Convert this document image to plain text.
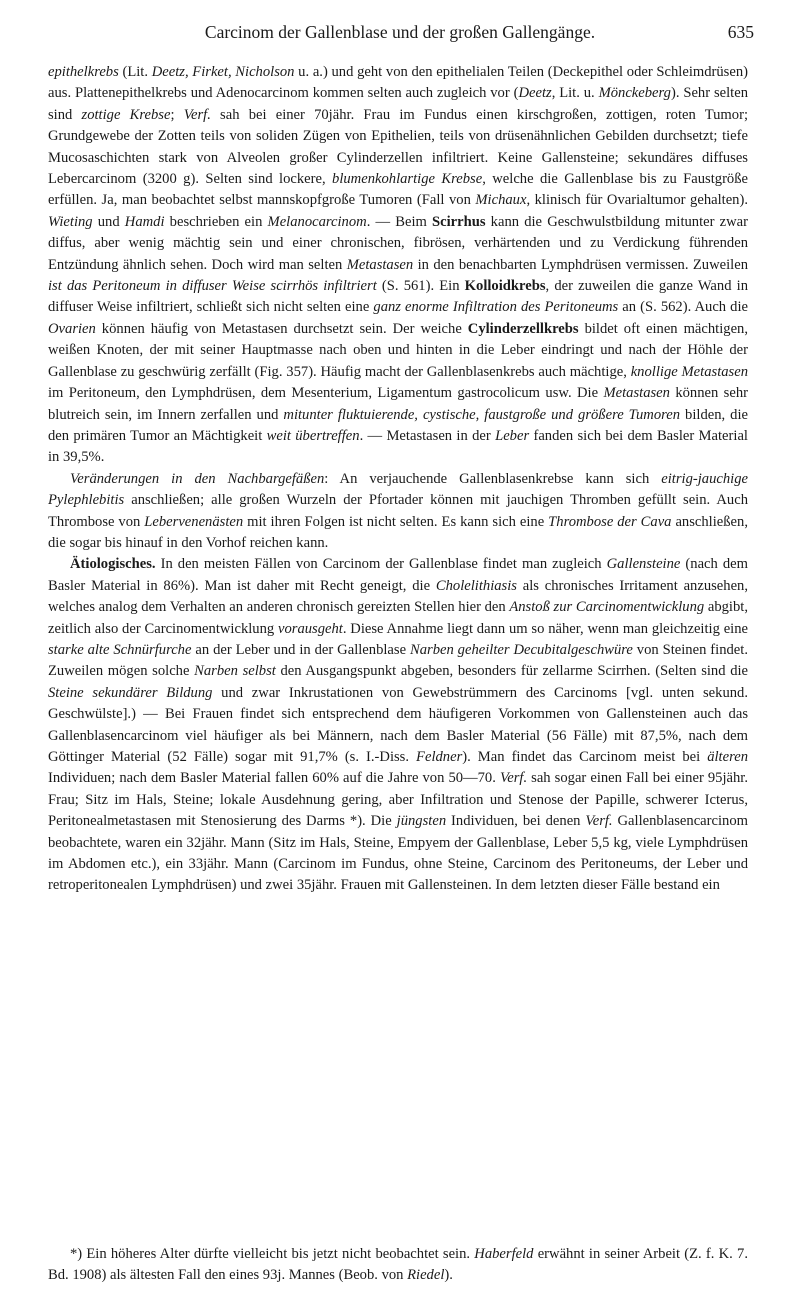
Carcinom der Gallenblase und der großen Gallengänge.	635

epithelkrebs (Lit. Deetz, Firket, Nicholson u. a.) und geht von den epithelialen Teilen (Deckepithel oder Schleimdrüsen) aus. Plattenepithelkrebs und Adenocarcinom kommen selten auch zugleich vor (Deetz, Lit. u. Mönckeberg). Sehr selten sind zottige Krebse; Verf. sah bei einer 70jähr. Frau im Fundus einen kirschgroßen, zottigen, roten Tumor; Grundgewebe der Zotten teils von soliden Zügen von Epithelien, teils von drüsenähnlichen Gebilden durchsetzt; tiefe Mucosaschichten stark von Alveolen großer Cylinderzellen infiltriert. Keine Gallensteine; sekundäres diffuses Lebercarcinom (3200 g). Selten sind lockere, blumenkohlartige Krebse, welche die Gallenblase bis zu Faustgröße erfüllen. Ja, man beobachtet selbst mannskopfgroße Tumoren (Fall von Michaux, klinisch für Ovarialtumor gehalten). Wieting und Hamdi beschrieben ein Melanocarcinom. — Beim Scirrhus kann die Geschwulstbildung mitunter zwar diffus, aber wenig mächtig sein und einer chronischen, fibrösen, verhärtenden und zu Verdickung führenden Entzündung ähnlich sehen. Doch wird man selten Metastasen in den benachbarten Lymphdrüsen vermissen. Zuweilen ist das Peritoneum in diffuser Weise scirrhös infiltriert (S. 561). Ein Kolloidkrebs, der zuweilen die ganze Wand in diffuser Weise infiltriert, schließt sich nicht selten eine ganz enorme Infiltration des Peritoneums an (S. 562). Auch die Ovarien können häufig von Metastasen durchsetzt sein. Der weiche Cylinderzellkrebs bildet oft einen mächtigen, weißen Knoten, der mit seiner Hauptmasse nach oben und hinten in die Leber eindringt und nach der Höhle der Gallenblase zu geschwürig zerfällt (Fig. 357). Häufig macht der Gallenblasenkrebs auch mächtige, knollige Metastasen im Peritoneum, den Lymphdrüsen, dem Mesenterium, Ligamentum gastrocolicum usw. Die Metastasen können sehr blutreich sein, im Innern zerfallen und mitunter fluktuierende, cystische, faustgroße und größere Tumoren bilden, die den primären Tumor an Mächtigkeit weit übertreffen. — Metastasen in der Leber fanden sich bei dem Basler Material in 39,5%.

Veränderungen in den Nachbargefäßen: An verjauchende Gallenblasenkrebse kann sich eitrig-jauchige Pylephlebitis anschließen; alle großen Wurzeln der Pfortader können mit jauchigen Thromben gefüllt sein. Auch Thrombose von Lebervenenästen mit ihren Folgen ist nicht selten. Es kann sich eine Thrombose der Cava anschließen, die sogar bis hinauf in den Vorhof reichen kann.

Ätiologisches. In den meisten Fällen von Carcinom der Gallenblase findet man zugleich Gallensteine (nach dem Basler Material in 86%). Man ist daher mit Recht geneigt, die Cholelithiasis als chronisches Irritament anzusehen, welches analog dem Verhalten an anderen chronisch gereizten Stellen hier den Anstoß zur Carcinomentwicklung abgibt, zeitlich also der Carcinomentwicklung vorausgeht. Diese Annahme liegt dann um so näher, wenn man gleichzeitig eine starke alte Schnürfurche an der Leber und in der Gallenblase Narben geheilter Decubitalgeschwüre von Steinen findet. Zuweilen mögen solche Narben selbst den Ausgangspunkt abgeben, besonders für zellarme Scirrhen. (Selten sind die Steine sekundärer Bildung und zwar Inkrustationen von Gewebstrümmern des Carcinoms [vgl. unten sekund. Geschwülste].) — Bei Frauen findet sich entsprechend dem häufigeren Vorkommen von Gallensteinen auch das Gallenblasencarcinom viel häufiger als bei Männern, nach dem Basler Material (56 Fälle) mit 87,5%, nach dem Göttinger Material (52 Fälle) sogar mit 91,7% (s. I.-Diss. Feldner). Man findet das Carcinom meist bei älteren Individuen; nach dem Basler Material fallen 60% auf die Jahre von 50—70. Verf. sah sogar einen Fall bei einer 95jähr. Frau; Sitz im Hals, Steine; lokale Ausdehnung gering, aber Infiltration und Stenose der Papille, schwerer Icterus, Peritonealmetastasen mit Stenosierung des Darms *). Die jüngsten Individuen, bei denen Verf. Gallenblasencarcinom beobachtete, waren ein 32jähr. Mann (Sitz im Hals, Steine, Empyem der Gallenblase, Leber 5,5 kg, viele Lymphdrüsen im Abdomen etc.), ein 33jähr. Mann (Carcinom im Fundus, ohne Steine, Carcinom des Peritoneums, der Leber und retroperitonealen Lymphdrüsen) und zwei 35jähr. Frauen mit Gallensteinen. In dem letzten dieser Fälle bestand ein

*) Ein höheres Alter dürfte vielleicht bis jetzt nicht beobachtet sein. Haberfeld erwähnt in seiner Arbeit (Z. f. K. 7. Bd. 1908) als ältesten Fall den eines 93j. Mannes (Beob. von Riedel).
